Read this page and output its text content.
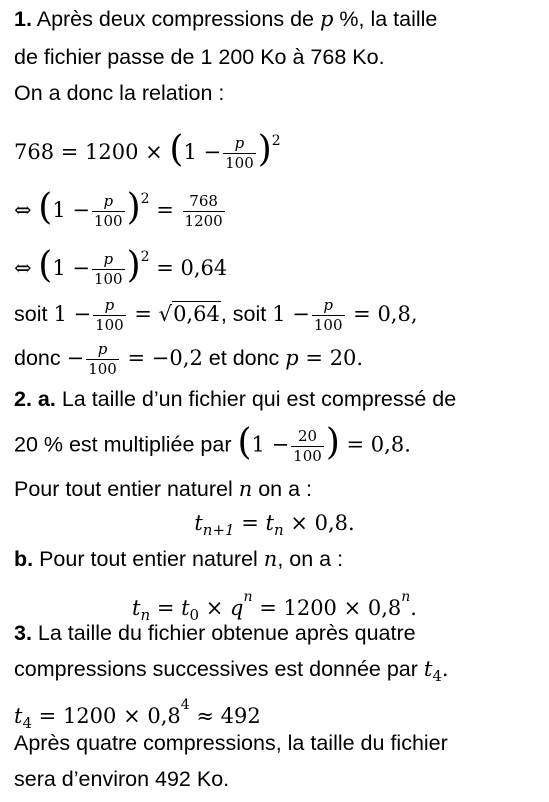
1. Après deux compressions de p %, la taille
de fichier passe de 1 200 Ko à 768 Ko.
On a donc la relation :
$768 = 1200 \times (1 - \frac{p}{100} )^2$
⇔ $(1 - \frac{p}{100} )^2 = \frac{768}{1200}$
⇔ $(1 - \frac{p}{100} )^2 = 0,64$
soit $1 - \frac{p}{100} = √0,64$, soit $1 - \frac{p}{100} = 0,8$,
donc − $\frac{p}{100} = -0,2$ et donc p = 20.
2. a. La taille d’un fichier qui est compressé de
20 % est multipliée par ($1 - \frac{20}{100}$ ) = 0,8.
Pour tout entier naturel n on a :
$t_{n+1} = t_n \times 0,8$.
b. Pour tout entier naturel n, on a :
$t_n = t_0 \times q^n = 1200 \times 0,8^n$.
3. La taille du fichier obtenue après quatre
compressions successives est donnée par $t_4$.
$t_4 = 1200 \times 0,8^4 \approx 492$
Après quatre compressions, la taille du fichier
sera d’environ 492 Ko.
